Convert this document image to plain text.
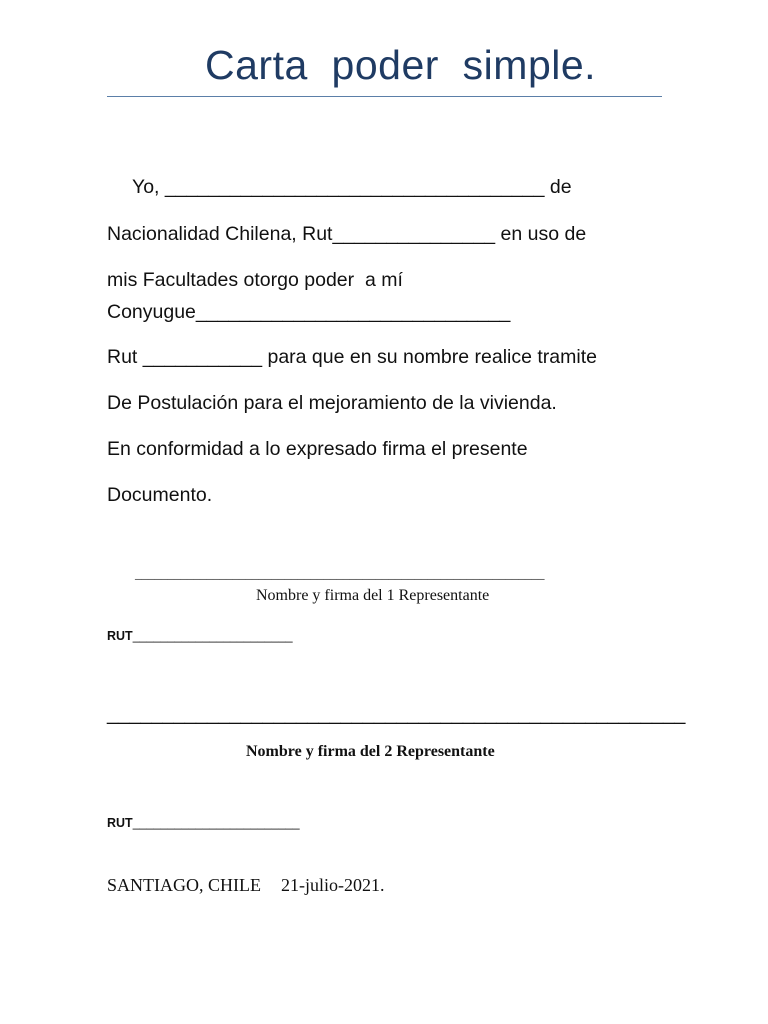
Carta  poder  simple.
Yo, ___________________________________ de
Nacionalidad Chilena, Rut_______________ en uso de
mis Facultades otorgo poder  a mí
Conyugue_____________________________
Rut ___________ para que en su nombre realice tramite
De Postulación para el mejoramiento de la vivienda.
En conformidad a lo expresado firma el presente
Documento.
_______________________________________________________________
Nombre y firma del 1 Representante
RUT_______________________
____________________________________________________
Nombre y firma del 2 Representante
RUT________________________
SANTIAGO, CHILE 21-julio-2021.
